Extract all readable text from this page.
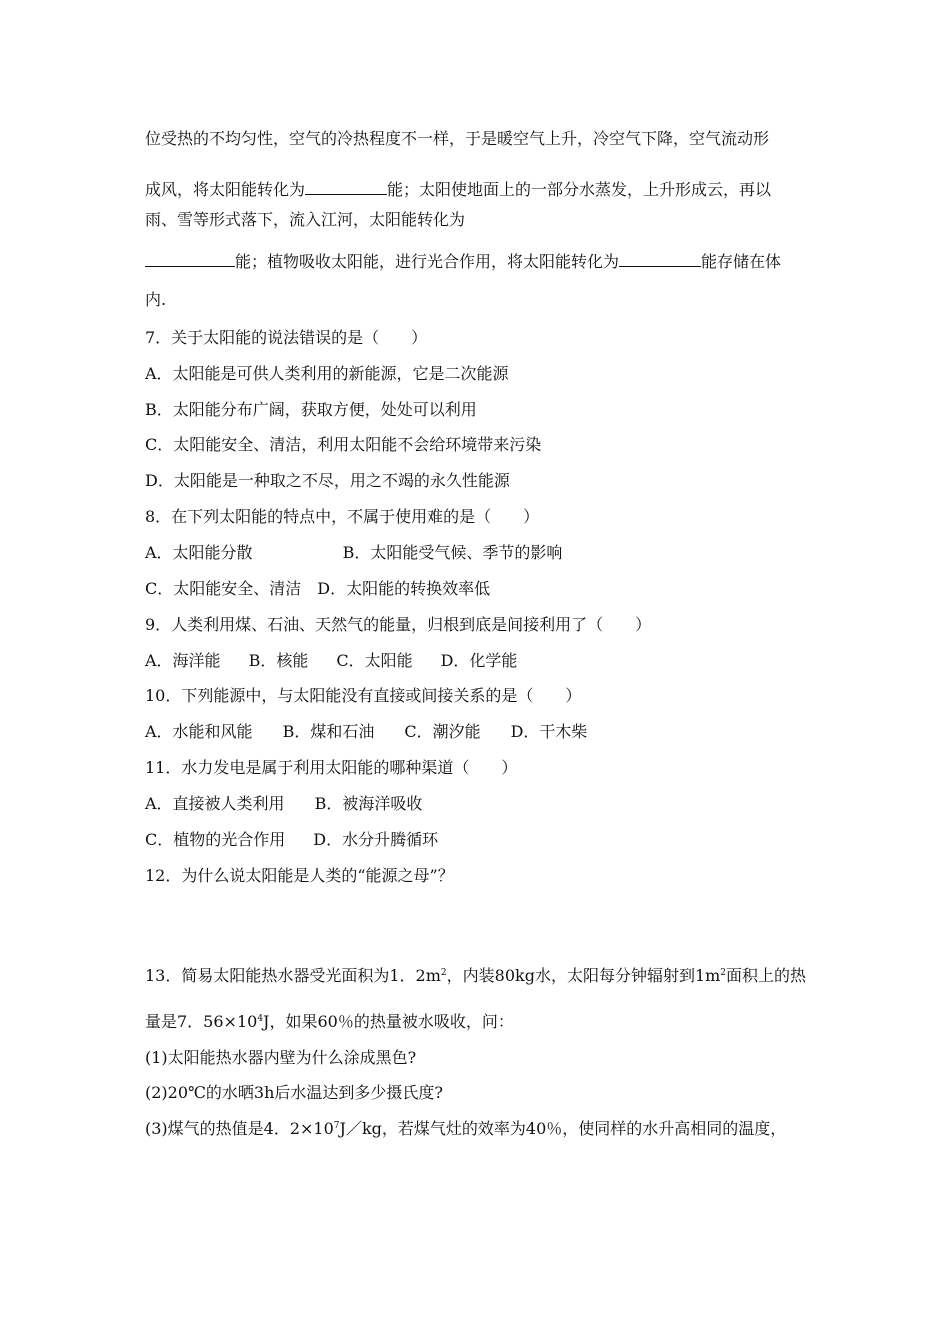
位受热的不均匀性，空气的冷热程度不一样，于是暖空气上升，冷空气下降，空气流动形
成风，将太阳能转化为	能；太阳使地面上的一部分水蒸发，上升形成云，再以
雨、雪等形式落下，流入江河，太阳能转化为
能；植物吸收太阳能，进行光合作用，将太阳能转化为	能存储在体
内.
7．关于太阳能的说法错误的是（　　）
A．太阳能是可供人类利用的新能源，它是二次能源
B．太阳能分布广阔，获取方便，处处可以利用
C．太阳能安全、清洁，利用太阳能不会给环境带来污染
D．太阳能是一种取之不尽，用之不竭的永久性能源
8．在下列太阳能的特点中，不属于使用难的是（　　）
A．太阳能分散	B．太阳能受气候、季节的影响
C．太阳能安全、清洁 D．太阳能的转换效率低
9．人类利用煤、石油、天然气的能量，归根到底是间接利用了（　　）
A．海洋能 B．核能 C．太阳能 D．化学能
10．下列能源中，与太阳能没有直接或间接关系的是（　　）
A．水能和风能 B．煤和石油 C．潮汐能 D．干木柴
11．水力发电是属于利用太阳能的哪种渠道（　　）
A．直接被人类利用 B．被海洋吸收
C．植物的光合作用 D．水分升腾循环
12．为什么说太阳能是人类的“能源之母”？
13．简易太阳能热水器受光面积为1．$2m^2$，内装80kg水，太阳每分钟辐射到$1m^2$面积上的热
量是7．$56\times 10^4J$，如果60％的热量被水吸收，问：
(1)太阳能热水器内壁为什么涂成黑色?
(2)20℃的水晒3h后水温达到多少摄氏度?
(3)煤气的热值是4．$2\times 10^7J/kg$，若煤气灶的效率为40％，使同样的水升高相同的温度，
